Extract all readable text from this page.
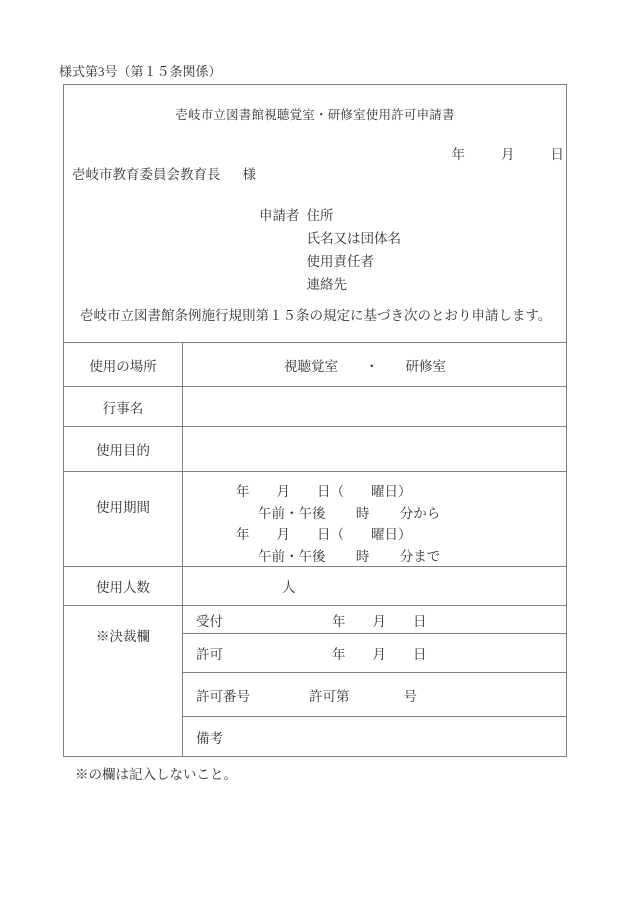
様式第3号（第１５条関係）
壱岐市立図書館視聴覚室・研修室使用許可申請書
年	月	日
壱岐市教育委員会教育長 様
申請者 住所
氏名又は団体名
使用責任者
連絡先
壱岐市立図書館条例施行規則第１５条の規定に基づき次のとおり申請します。
使用の場所	視聴覚室　　・　　研修室
行事名
使用目的
使用期間
年　　月　　日（　　曜日）
午前・午後　　 時　　 分から
年　　月　　日（　　曜日）
午前・午後　　 時　　 分まで
使用人数	人
※決裁欄
受付	年　　月　　日
許可	年　　月　　日
許可番号	許可第　　　　号
備考
※の欄は記入しないこと。
